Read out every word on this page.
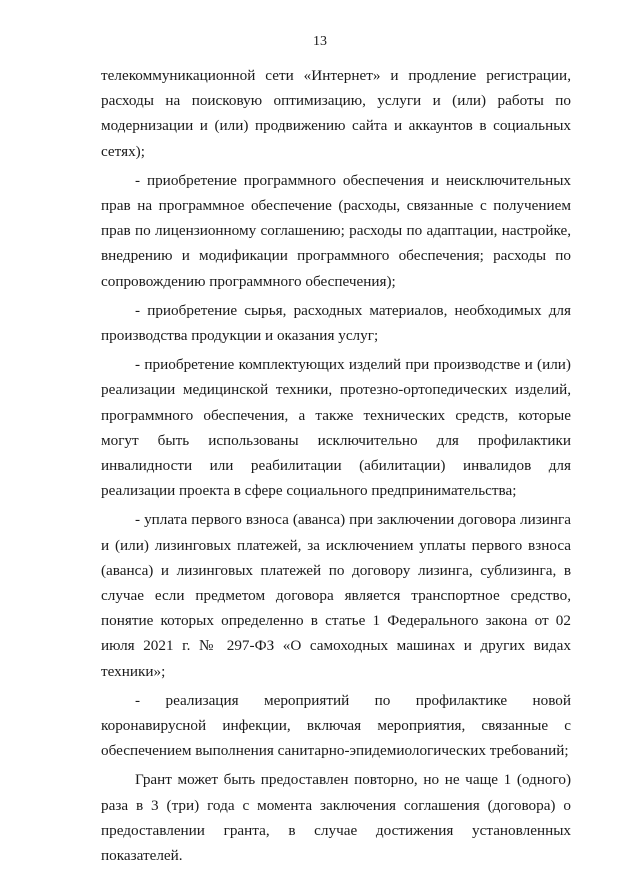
13

телекоммуникационной сети «Интернет» и продление регистрации, расходы на поисковую оптимизацию, услуги и (или) работы по модернизации и (или) продвижению сайта и аккаунтов в социальных сетях);

- приобретение программного обеспечения и неисключительных прав на программное обеспечение (расходы, связанные с получением прав по лицензионному соглашению; расходы по адаптации, настройке, внедрению и модификации программного обеспечения; расходы по сопровождению программного обеспечения);

- приобретение сырья, расходных материалов, необходимых для производства продукции и оказания услуг;

- приобретение комплектующих изделий при производстве и (или) реализации медицинской техники, протезно-ортопедических изделий, программного обеспечения, а также технических средств, которые могут быть использованы исключительно для профилактики инвалидности или реабилитации (абилитации) инвалидов для реализации проекта в сфере социального предпринимательства;

- уплата первого взноса (аванса) при заключении договора лизинга и (или) лизинговых платежей, за исключением уплаты первого взноса (аванса) и лизинговых платежей по договору лизинга, сублизинга, в случае если предметом договора является транспортное средство, понятие которых определенно в статье 1 Федерального закона от 02 июля 2021 г. № 297-ФЗ «О самоходных машинах и других видах техники»;

- реализация мероприятий по профилактике новой коронавирусной инфекции, включая мероприятия, связанные с обеспечением выполнения санитарно-эпидемиологических требований;

Грант может быть предоставлен повторно, но не чаще 1 (одного) раза в 3 (три) года с момента заключения соглашения (договора) о предоставлении гранта, в случае достижения установленных показателей.
